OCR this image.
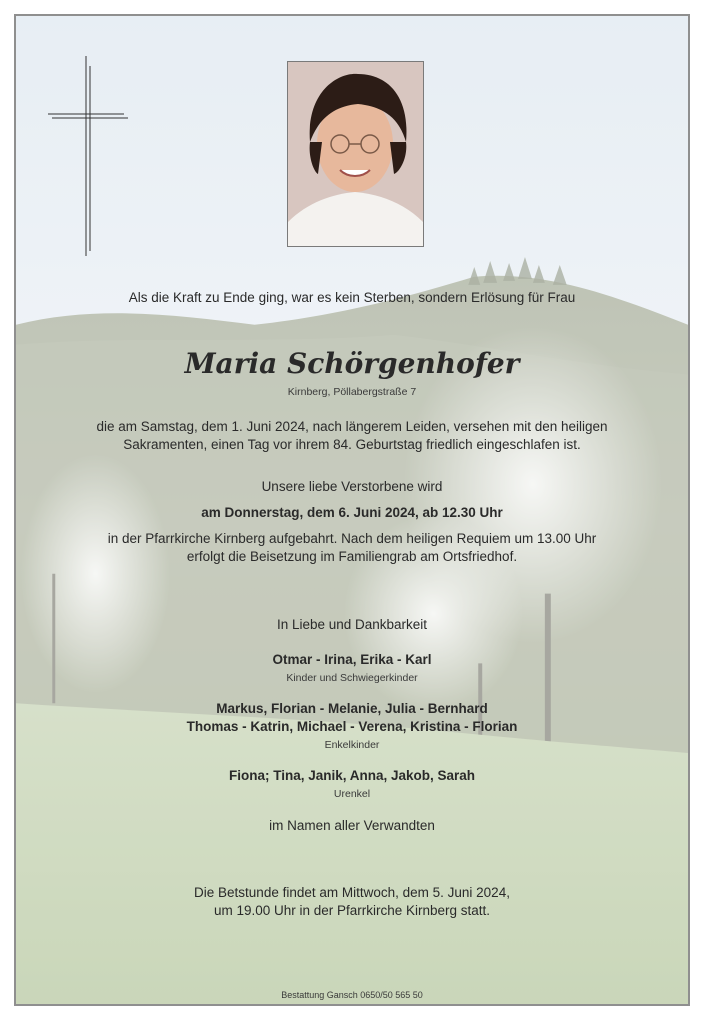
Als die Kraft zu Ende ging, war es kein Sterben, sondern Erlösung für Frau
Maria Schörgenhofer
Kirnberg, Pöllabergstraße 7
die am Samstag, dem 1. Juni 2024, nach längerem Leiden, versehen mit den heiligen
Sakramenten, einen Tag vor ihrem 84. Geburtstag friedlich eingeschlafen ist.
Unsere liebe Verstorbene wird
am Donnerstag, dem 6. Juni 2024, ab 12.30 Uhr
in der Pfarrkirche Kirnberg aufgebahrt. Nach dem heiligen Requiem um 13.00 Uhr
erfolgt die Beisetzung im Familiengrab am Ortsfriedhof.
In Liebe und Dankbarkeit
Otmar - Irina, Erika - Karl
Kinder und Schwiegerkinder
Markus, Florian - Melanie, Julia - Bernhard
Thomas - Katrin, Michael - Verena, Kristina - Florian
Enkelkinder
Fiona; Tina, Janik, Anna, Jakob, Sarah
Urenkel
im Namen aller Verwandten
Die Betstunde findet am Mittwoch, dem 5. Juni 2024,
um 19.00 Uhr in der Pfarrkirche Kirnberg statt.
Bestattung Gansch 0650/50 565 50
